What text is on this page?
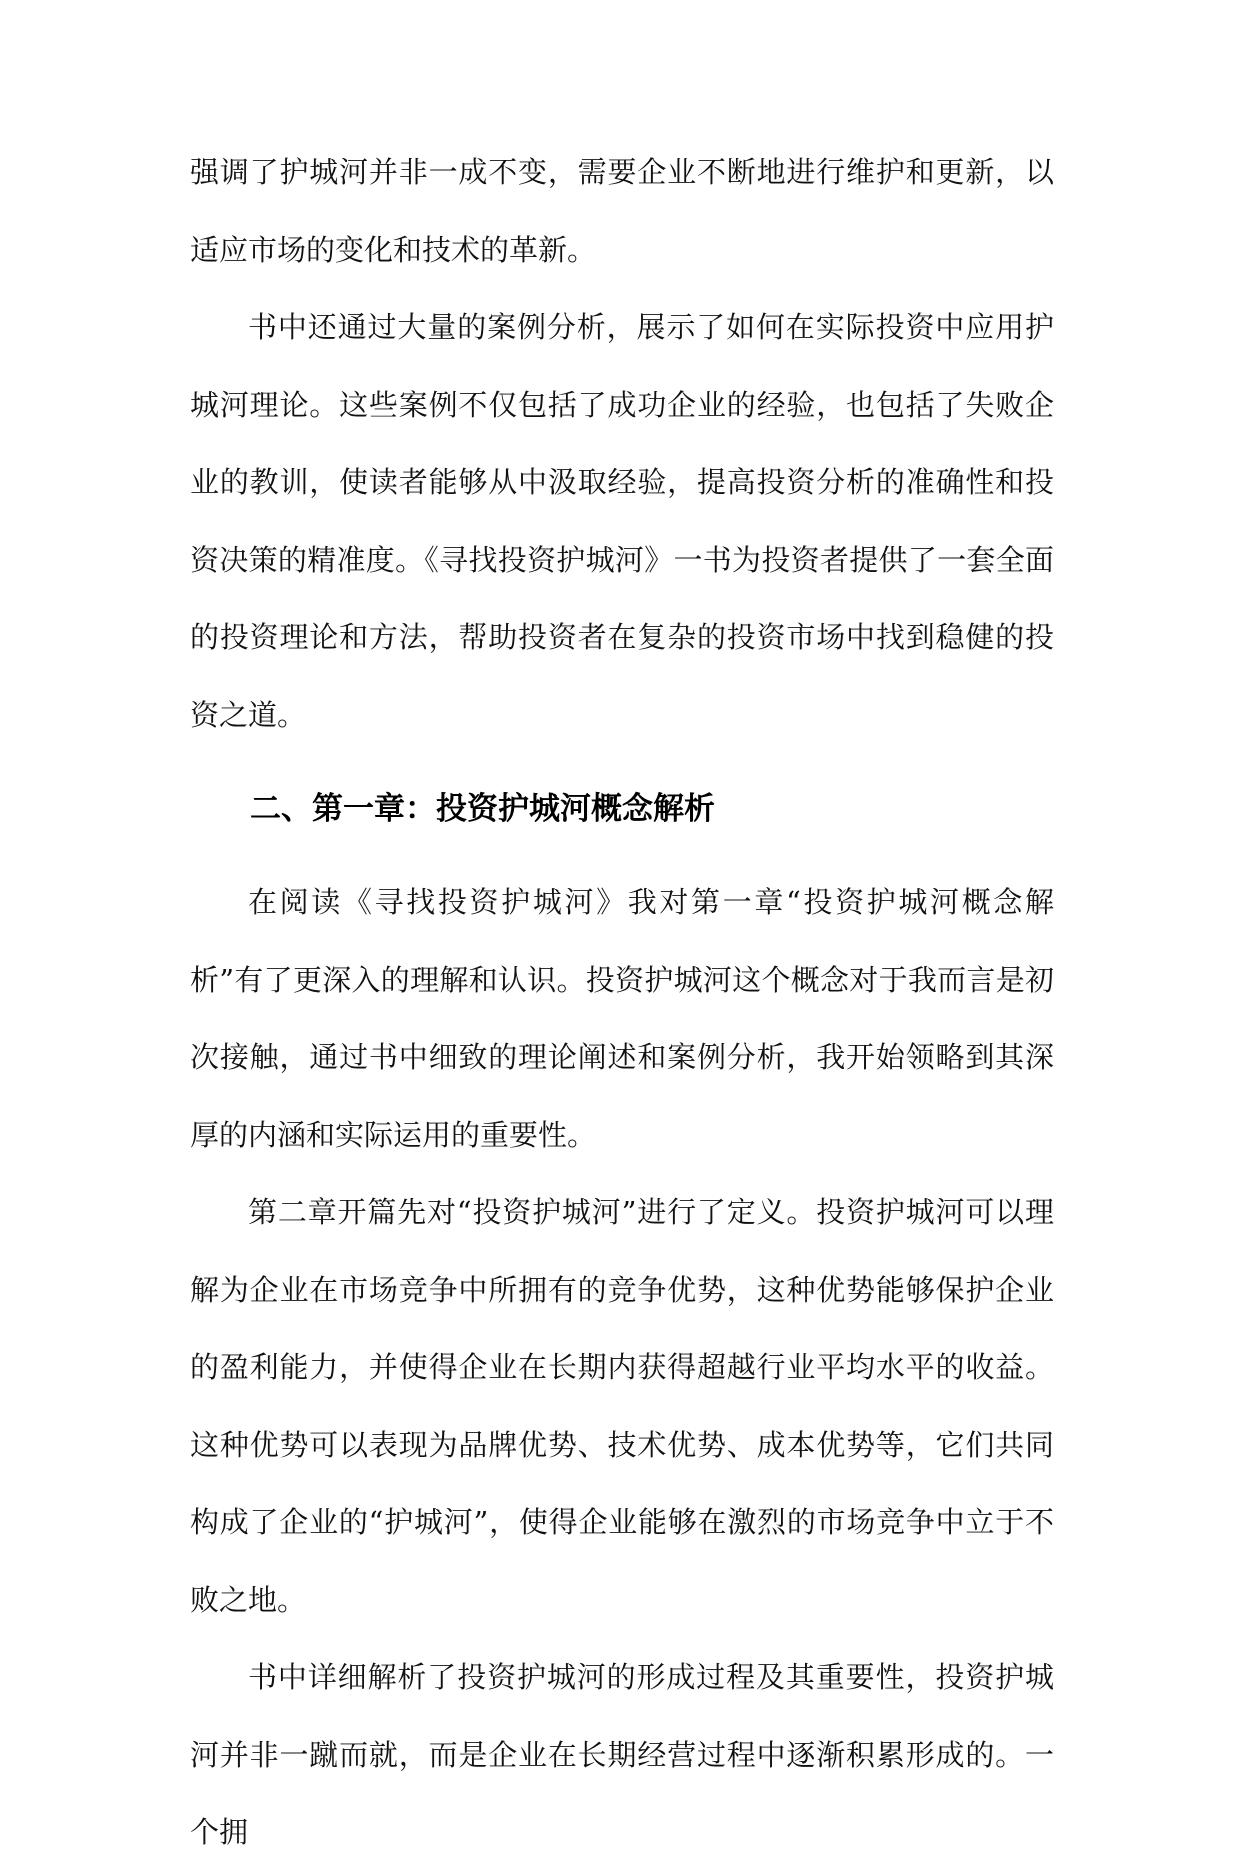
强调了护城河并非一成不变，需要企业不断地进行维护和更新，以适应市场的变化和技术的革新。

书中还通过大量的案例分析，展示了如何在实际投资中应用护城河理论。这些案例不仅包括了成功企业的经验，也包括了失败企业的教训，使读者能够从中汲取经验，提高投资分析的准确性和投资决策的精准度。《寻找投资护城河》一书为投资者提供了一套全面的投资理论和方法，帮助投资者在复杂的投资市场中找到稳健的投资之道。

二、第一章：投资护城河概念解析

在阅读《寻找投资护城河》我对第一章“投资护城河概念解析”有了更深入的理解和认识。投资护城河这个概念对于我而言是初次接触，通过书中细致的理论阐述和案例分析，我开始领略到其深厚的内涵和实际运用的重要性。

第二章开篇先对“投资护城河”进行了定义。投资护城河可以理解为企业在市场竞争中所拥有的竞争优势，这种优势能够保护企业的盈利能力，并使得企业在长期内获得超越行业平均水平的收益。这种优势可以表现为品牌优势、技术优势、成本优势等，它们共同构成了企业的“护城河”，使得企业能够在激烈的市场竞争中立于不败之地。

书中详细解析了投资护城河的形成过程及其重要性，投资护城河并非一蹴而就，而是企业在长期经营过程中逐渐积累形成的。一个拥
